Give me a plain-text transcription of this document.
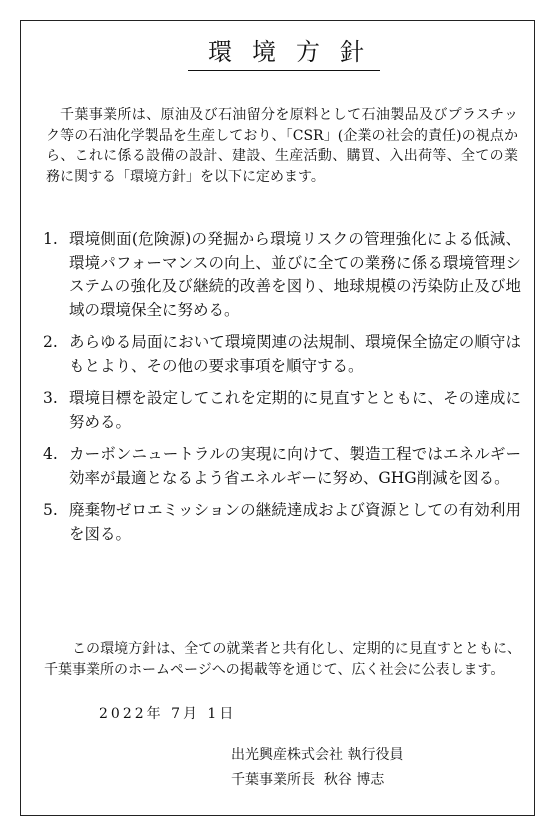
環境方針

千葉事業所は、原油及び石油留分を原料として石油製品及びプラスチック等の石油化学製品を生産しており、「CSR」(企業の社会的責任)の視点から、これに係る設備の設計、建設、生産活動、購買、入出荷等、全ての業務に関する「環境方針」を以下に定めます。

1. 環境側面(危険源)の発掘から環境リスクの管理強化による低減、環境パフォーマンスの向上、並びに全ての業務に係る環境管理システムの強化及び継続的改善を図り、地球規模の汚染防止及び地域の環境保全に努める。
2. あらゆる局面において環境関連の法規制、環境保全協定の順守はもとより、その他の要求事項を順守する。
3. 環境目標を設定してこれを定期的に見直すとともに、その達成に努める。
4. カーボンニュートラルの実現に向けて、製造工程ではエネルギー効率が最適となるよう省エネルギーに努め、GHG削減を図る。
5. 廃棄物ゼロエミッションの継続達成および資源としての有効利用を図る。

この環境方針は、全ての就業者と共有化し、定期的に見直すとともに、千葉事業所のホームページへの掲載等を通じて、広く社会に公表します。

2022年 7月 1日
出光興産株式会社 執行役員
千葉事業所長  秋谷 博志
